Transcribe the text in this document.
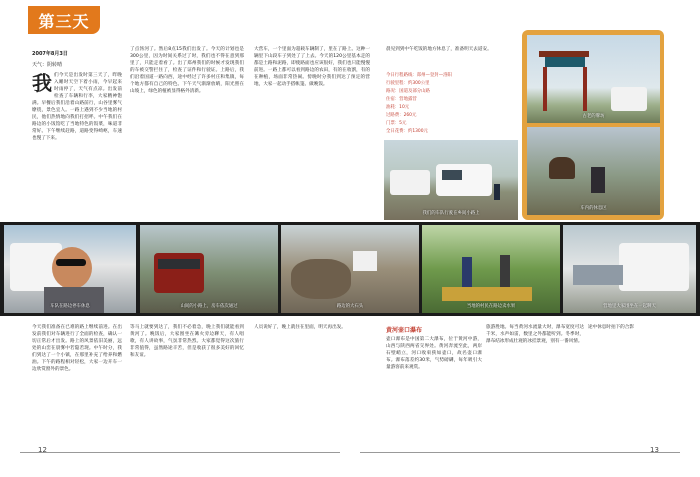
第三天
2007年8月3日
天气：阴转晴
我 们今天是出发时第三天了，昨晚入睡时天空下着小雨，今早起来时雨停了，天气有点凉。出发前检查了车辆和行李，大家精神饱满。早餐后我们沿着山路前行，山谷里雾气缭绕，景色宜人。一路上遇到不少当地的村民，他们热情地向我们打招呼。中午我们在路边的小饭馆吃了当地特色的饭菜，味道非常好。下午继续赶路，道路变得崎岖，车速也慢了下来。
了点汤河了。然后8点15我们出发了。今天的计划也是300公里，因为时间关系过了时，我们也不得在意到那里了，只能走着看了。出了郑州我们的时候才发现我们的车被交警拦住了，检查了证件和行驶证。上路后，我们沿着国道一路向西，途中经过了许多村庄和集镇，每个地方都有自己的特色。下午天气渐渐放晴，阳光照在山坡上，绿色的植被显得格外清新。
大营车，一个里面为超载车辆制了，里在了路上。这种一辆里下山段车子到处了了上去。今天的120公里基本走的都是土路和泥路，即使路面也应该很好，我们也只能慢慢前进。一路上都可以看到路边的农田，有的在收割，有的在种植，场面非常热闹。傍晚时分我们到达了预定的营地，大家一起动手搭帐篷、做晚饭。
晨见到到中午吃饭的地方休息了，准备明天去道安。
今日行程路线：郑州—登封—洛阳
行驶里程：约300公里
路况：国道及部分山路
住宿：营地露营
油耗：10元
过路费：260元
门票：5元
全日花费：约1300元
我们的车队行驶在乡间小路上
古老的牌坊
车内的休息区
车队在路边停车休息	山间的小路上，房车依次通过	路边的大石头	当地的村民在路边卖水果	营地里大家围坐在一起聊天
今天我们准备在已难的路上继续前进。在出发前我们对车辆进行了全面的检查，确认一切正常后才出发。路上的风景依旧美丽，远处的山峦在晨雾中若隐若现。中午时分，我们到达了一个小镇，在那里补充了给养和燃油。下午的路程相对轻松，大家一边开车一边欣赏窗外的景色。
等马上就要到达了，我们不必着急，晚上我们就能看到黄河了。晚饭后，大家围坐在篝火旁边聊天，有人唱歌，有人讲故事，气氛非常热烈。大家都觉得这次旅行非常值得，虽然路途辛苦，但是收获了很多美好的回忆和友谊。
人员说好了，晚上就住在里面，明天再出发。	黄河壶口瀑布
壶口瀑布是中国第二大瀑布，位于黄河中游，山西与陕西两省交界处。黄河奔流至此，两岸石壁峭立，河口收束狭如壶口，故名壶口瀑布。瀑布落差约30米，气势磅礴，每年吸引大量游客前来观赏。
旅游胜地。每当黄河水流量大时，瀑布宽度可达千米，水声如雷，数里之外都能听到。冬季时，瀑布结冰形成壮观的冰挂景观，别有一番风情。
途中休息时拍下的合影
12	13
